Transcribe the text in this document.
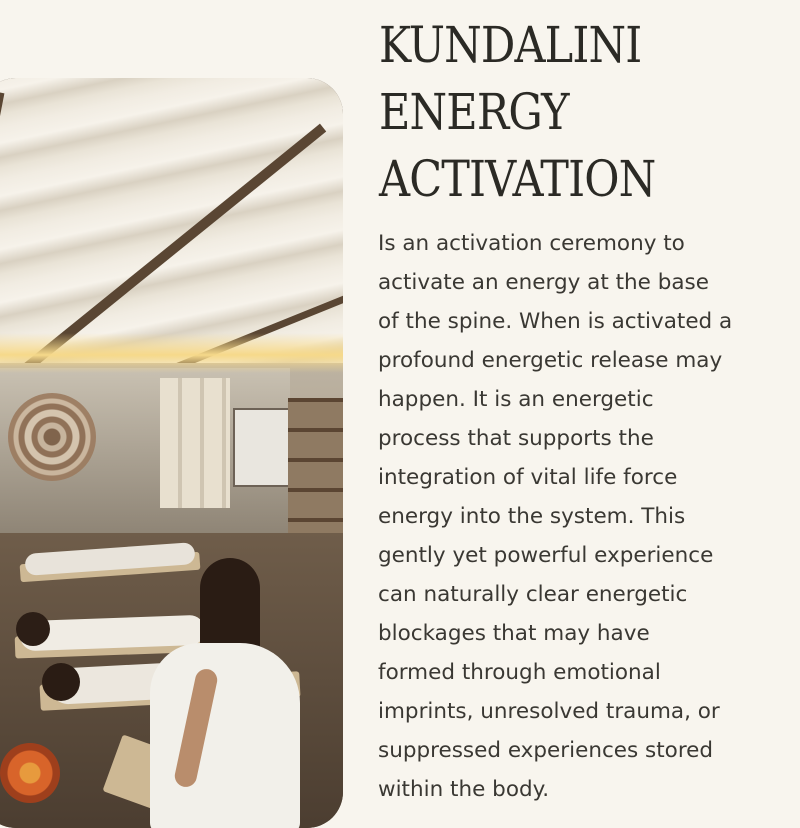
KUNDALINI
ENERGY
ACTIVATION

Is an activation ceremony to
activate an energy at the base
of the spine. When is activated a
profound energetic release may
happen. It is an energetic
process that supports the
integration of vital life force
energy into the system. This
gently yet powerful experience
can naturally clear energetic
blockages that may have
formed through emotional
imprints, unresolved trauma, or
suppressed experiences stored
within the body.
